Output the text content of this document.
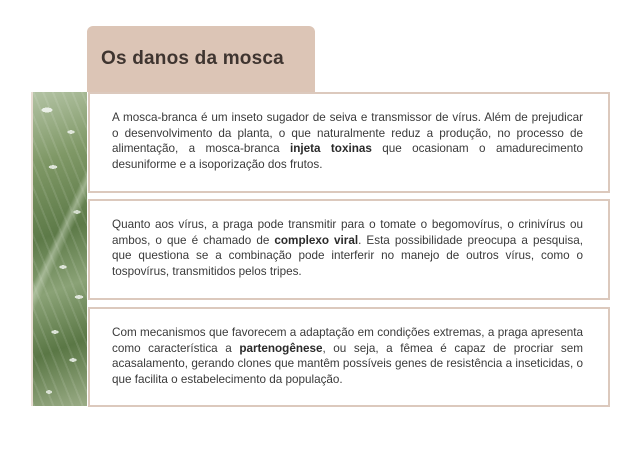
Os danos da mosca

A mosca-branca é um inseto sugador de seiva e transmissor de vírus. Além de prejudicar o desenvolvimento da planta, o que naturalmente reduz a produção, no processo de alimentação, a mosca-branca injeta toxinas que ocasionam o amadurecimento desuniforme e a isoporização dos frutos.

Quanto aos vírus, a praga pode transmitir para o tomate o begomovírus, o crinivírus ou ambos, o que é chamado de complexo viral. Esta possibilidade preocupa a pesquisa, que questiona se a combinação pode interferir no manejo de outros vírus, como o tospovírus, transmitidos pelos tripes.

Com mecanismos que favorecem a adaptação em condições extremas, a praga apresenta como característica a partenogênese, ou seja, a fêmea é capaz de procriar sem acasalamento, gerando clones que mantêm possíveis genes de resistência a inseticidas, o que facilita o estabelecimento da população.
